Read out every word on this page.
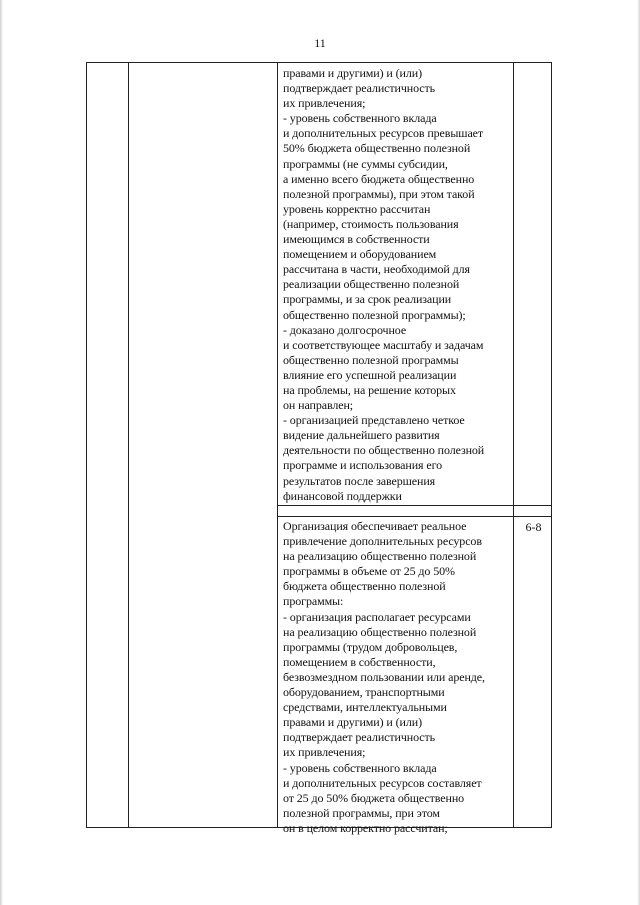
11
правами и другими) и (или)
подтверждает реалистичность
их привлечения;
- уровень собственного вклада
и дополнительных ресурсов превышает
50% бюджета общественно полезной
программы (не суммы субсидии,
а именно всего бюджета общественно
полезной программы), при этом такой
уровень корректно рассчитан
(например, стоимость пользования
имеющимся в собственности
помещением и оборудованием
рассчитана в части, необходимой для
реализации общественно полезной
программы, и за срок реализации
общественно полезной программы);
- доказано долгосрочное
и соответствующее масштабу и задачам
общественно полезной программы
влияние его успешной реализации
на проблемы, на решение которых
он направлен;
- организацией представлено четкое
видение дальнейшего развития
деятельности по общественно полезной
программе и использования его
результатов после завершения
финансовой поддержки
Организация обеспечивает реальное
привлечение дополнительных ресурсов
на реализацию общественно полезной
программы в объеме от 25 до 50%
бюджета общественно полезной
программы:
- организация располагает ресурсами
на реализацию общественно полезной
программы (трудом добровольцев,
помещением в собственности,
безвозмездном пользовании или аренде,
оборудованием, транспортными
средствами, интеллектуальными
правами и другими) и (или)
подтверждает реалистичность
их привлечения;
- уровень собственного вклада
и дополнительных ресурсов составляет
от 25 до 50% бюджета общественно
полезной программы, при этом
он в целом корректно рассчитан;
6-8
